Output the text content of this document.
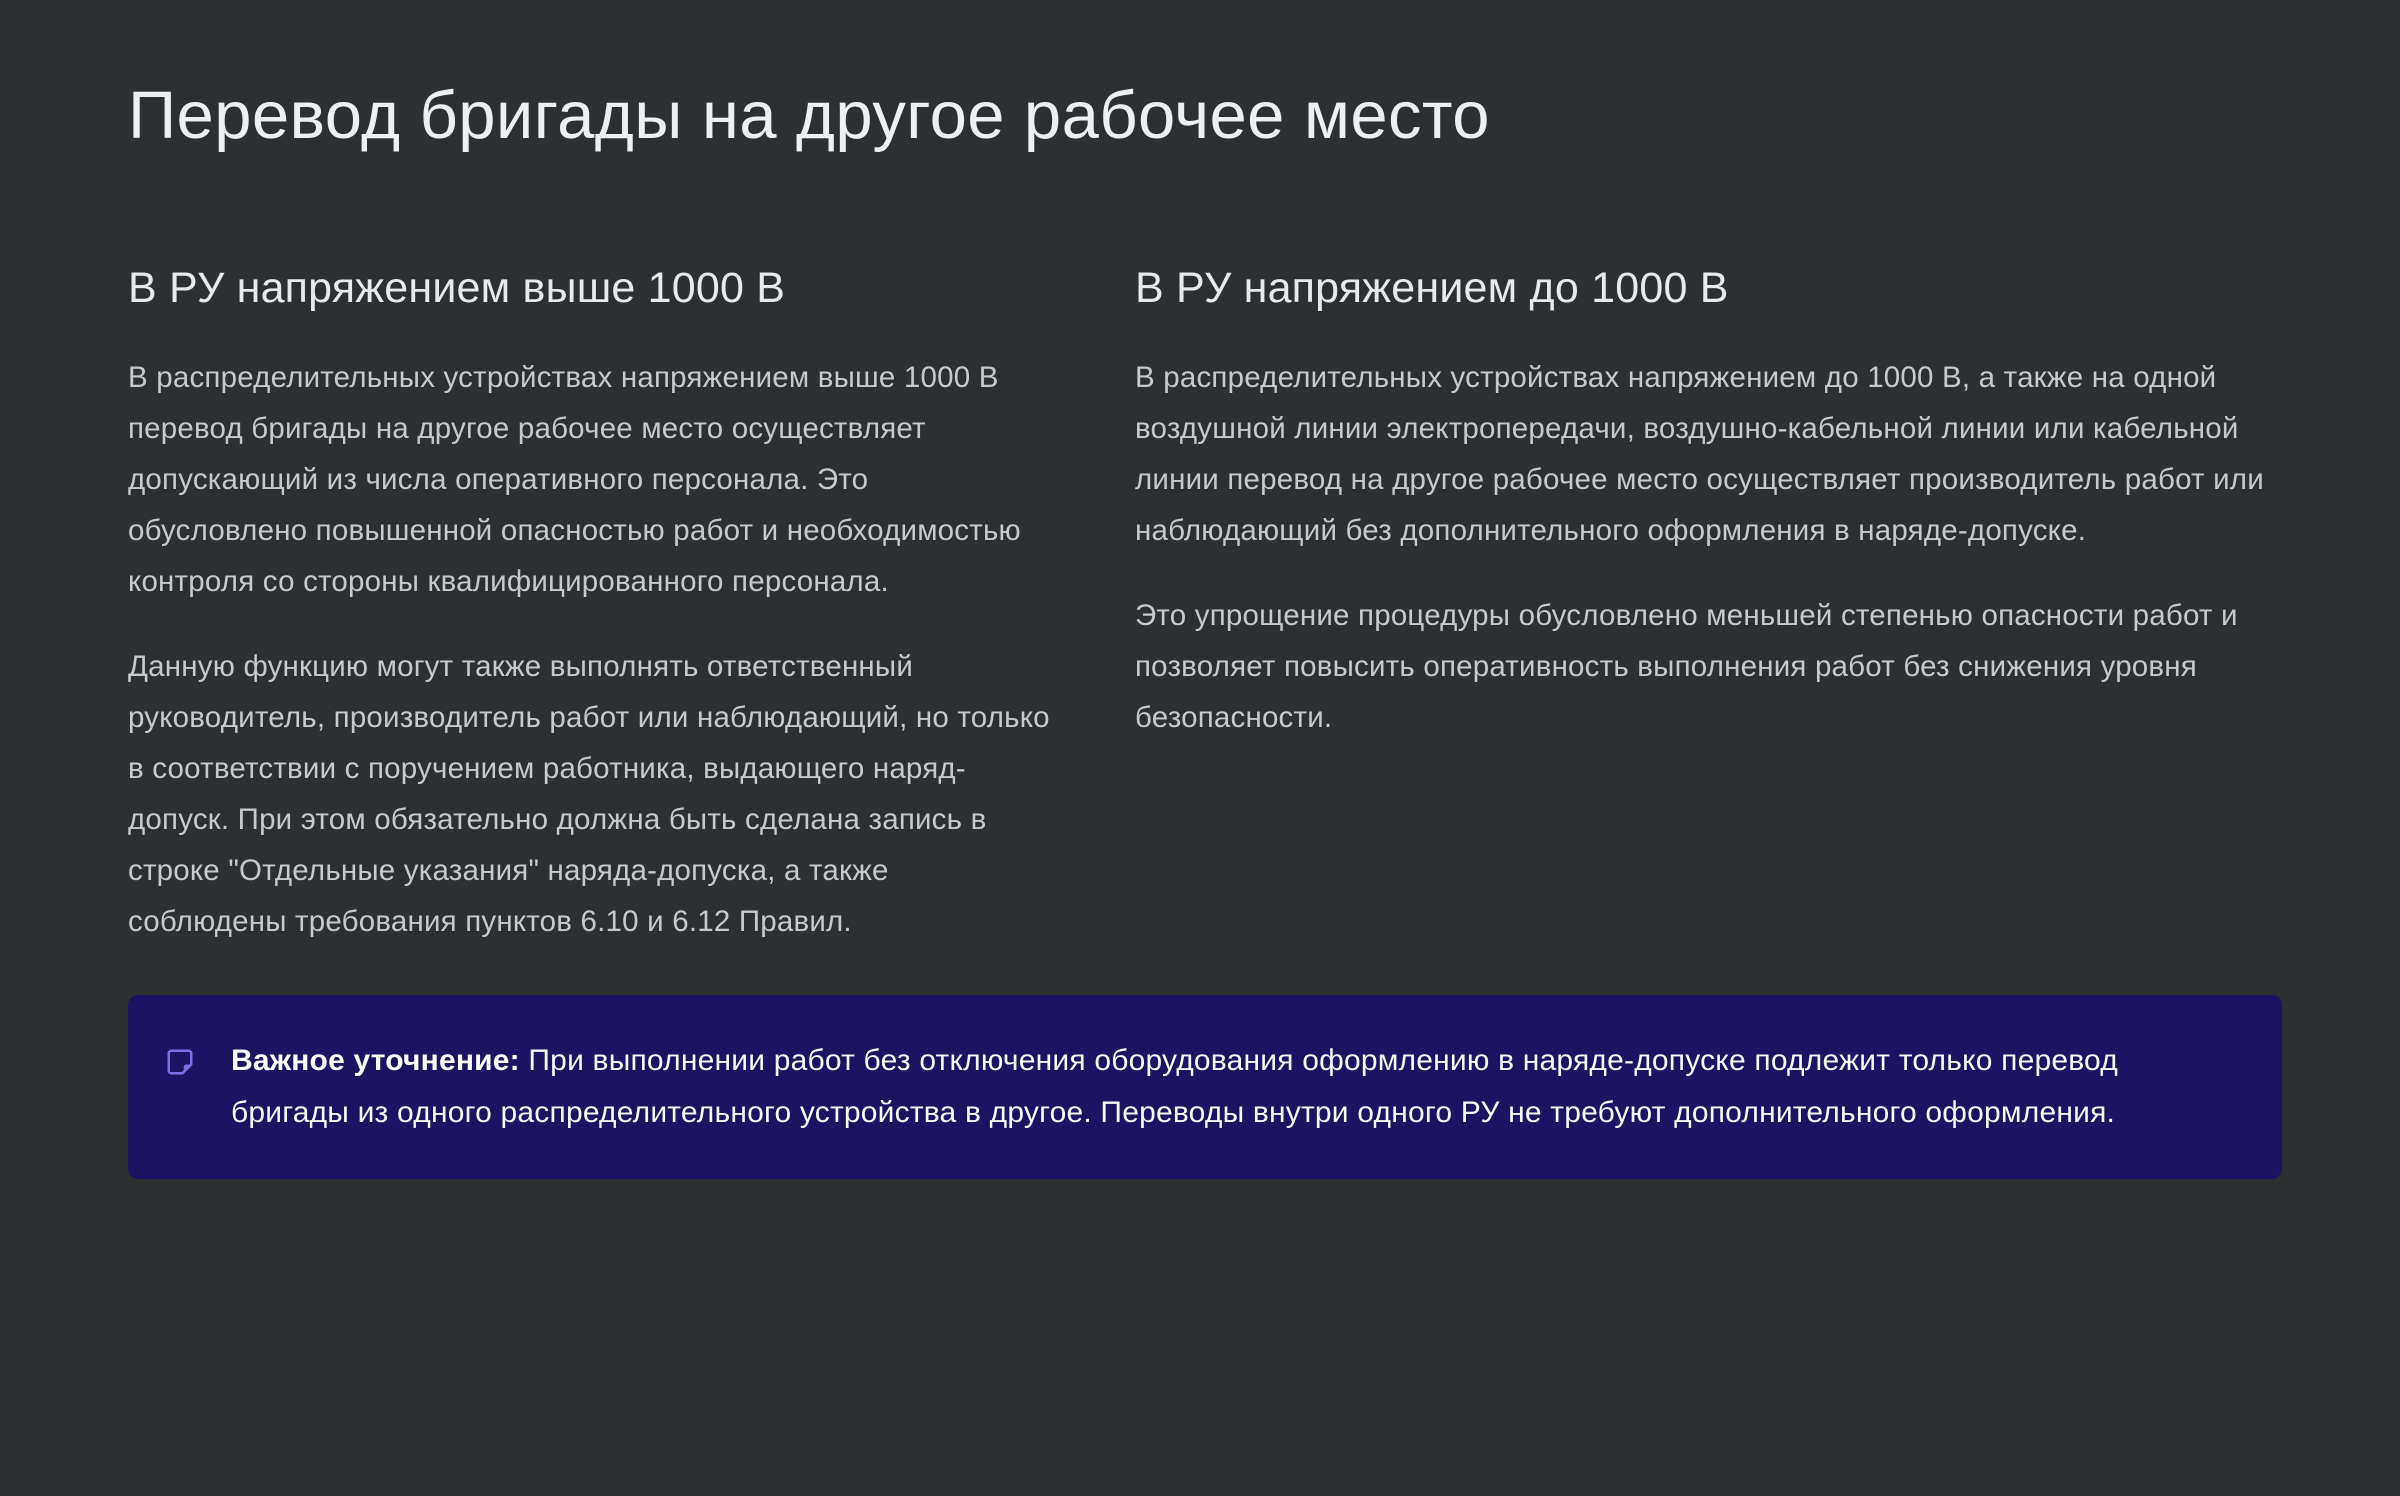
Перевод бригады на другое рабочее место
В РУ напряжением выше 1000 В

В распределительных устройствах напряжением выше 1000 В перевод бригады на другое рабочее место осуществляет допускающий из числа оперативного персонала. Это обусловлено повышенной опасностью работ и необходимостью контроля со стороны квалифицированного персонала.

Данную функцию могут также выполнять ответственный руководитель, производитель работ или наблюдающий, но только в соответствии с поручением работника, выдающего наряд-допуск. При этом обязательно должна быть сделана запись в строке "Отдельные указания" наряда-допуска, а также соблюдены требования пунктов 6.10 и 6.12 Правил.

В РУ напряжением до 1000 В

В распределительных устройствах напряжением до 1000 В, а также на одной воздушной линии электропередачи, воздушно-кабельной линии или кабельной линии перевод на другое рабочее место осуществляет производитель работ или наблюдающий без дополнительного оформления в наряде-допуске.

Это упрощение процедуры обусловлено меньшей степенью опасности работ и позволяет повысить оперативность выполнения работ без снижения уровня безопасности.

Важное уточнение: При выполнении работ без отключения оборудования оформлению в наряде-допуске подлежит только перевод бригады из одного распределительного устройства в другое. Переводы внутри одного РУ не требуют дополнительного оформления.
